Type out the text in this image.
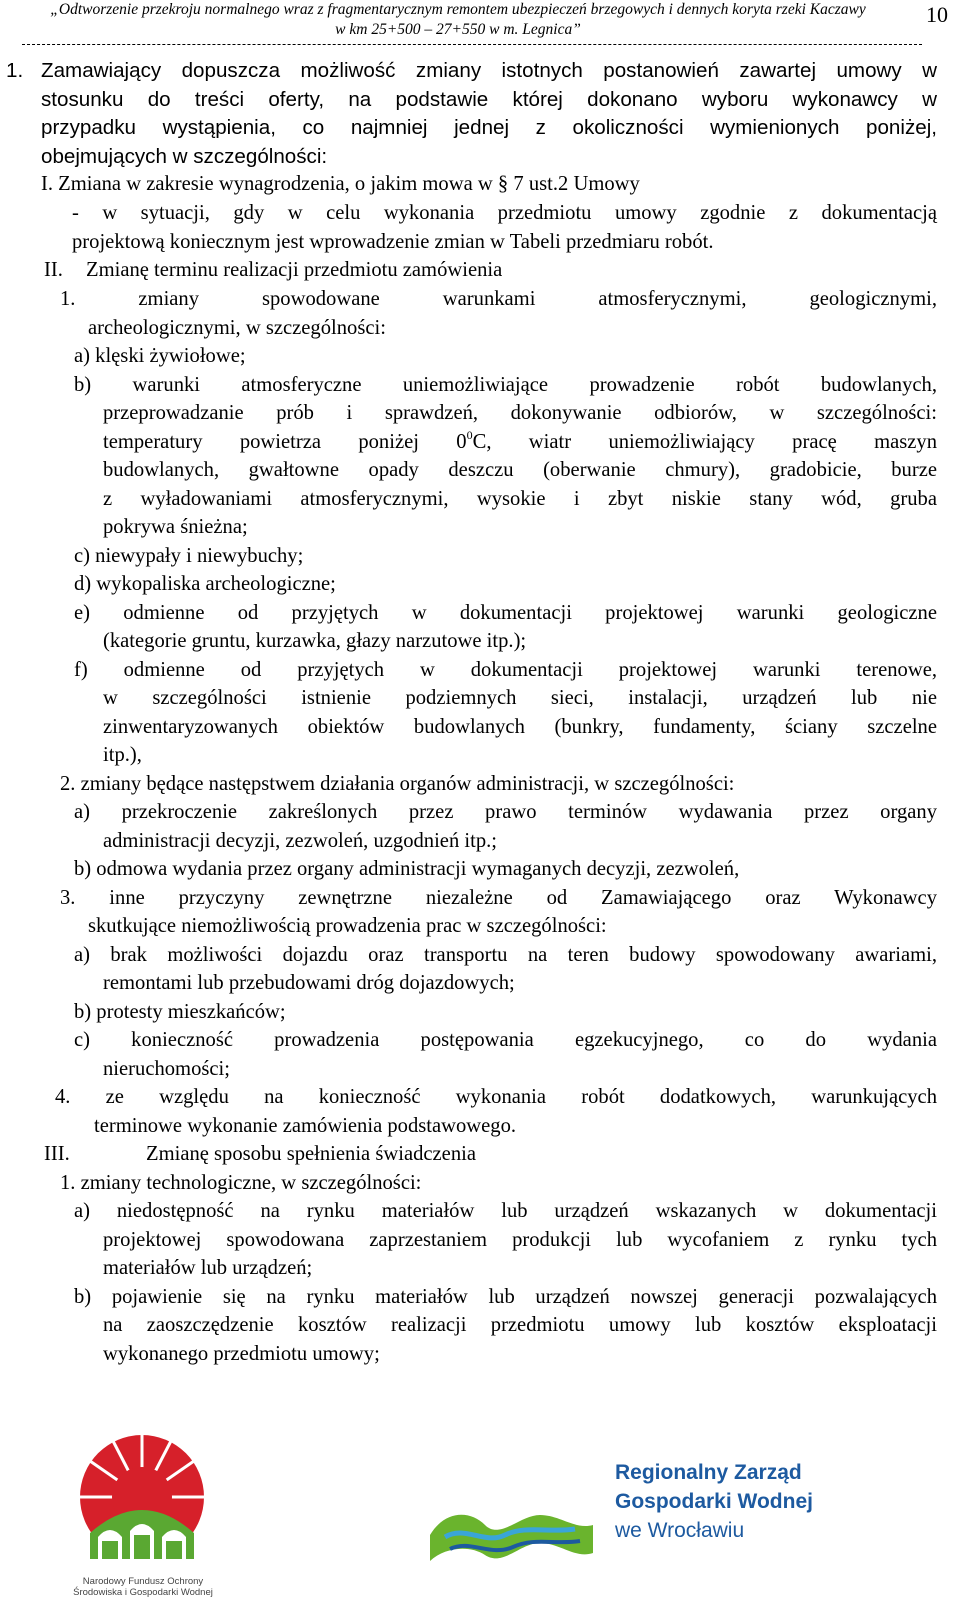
„Odtworzenie przekroju normalnego wraz z fragmentarycznym remontem ubezpieczeń brzegowych i dennych koryta rzeki Kaczawy
w km 25+500 – 27+550 w m. Legnica”
10
1. Zamawiający dopuszcza możliwość zmiany istotnych postanowień zawartej umowy w
stosunku do treści oferty, na podstawie której dokonano wyboru wykonawcy w
przypadku wystąpienia, co najmniej jednej z okoliczności wymienionych poniżej,
obejmujących w szczególności:
I. Zmiana w zakresie wynagrodzenia, o jakim mowa w § 7 ust.2 Umowy
- w sytuacji, gdy w celu wykonania przedmiotu umowy zgodnie z dokumentacją
projektową koniecznym jest wprowadzenie zmian w Tabeli przedmiaru robót.
II. Zmianę terminu realizacji przedmiotu zamówienia
1. zmiany spowodowane warunkami atmosferycznymi, geologicznymi,
archeologicznymi, w szczególności:
a) klęski żywiołowe;
b) warunki atmosferyczne uniemożliwiające prowadzenie robót budowlanych,
przeprowadzanie prób i sprawdzeń, dokonywanie odbiorów, w szczególności:
temperatury powietrza poniżej $0^0C$, wiatr uniemożliwiający pracę maszyn
budowlanych, gwałtowne opady deszczu (oberwanie chmury), gradobicie, burze
z wyładowaniami atmosferycznymi, wysokie i zbyt niskie stany wód, gruba
pokrywa śnieżna;
c) niewypały i niewybuchy;
d) wykopaliska archeologiczne;
e) odmienne od przyjętych w dokumentacji projektowej warunki geologiczne
(kategorie gruntu, kurzawka, głazy narzutowe itp.);
f) odmienne od przyjętych w dokumentacji projektowej warunki terenowe,
w szczególności istnienie podziemnych sieci, instalacji, urządzeń lub nie
zinwentaryzowanych obiektów budowlanych (bunkry, fundamenty, ściany szczelne
itp.),
2. zmiany będące następstwem działania organów administracji, w szczególności:
a) przekroczenie zakreślonych przez prawo terminów wydawania przez organy
administracji decyzji, zezwoleń, uzgodnień itp.;
b) odmowa wydania przez organy administracji wymaganych decyzji, zezwoleń,
3. inne przyczyny zewnętrzne niezależne od Zamawiającego oraz Wykonawcy
skutkujące niemożliwością prowadzenia prac w szczególności:
a) brak możliwości dojazdu oraz transportu na teren budowy spowodowany awariami,
remontami lub przebudowami dróg dojazdowych;
b) protesty mieszkańców;
c) konieczność prowadzenia postępowania egzekucyjnego, co do wydania
nieruchomości;
4. ze względu na konieczność wykonania robót dodatkowych, warunkujących
terminowe wykonanie zamówienia podstawowego.
III.	Zmianę sposobu spełnienia świadczenia
1. zmiany technologiczne, w szczególności:
a) niedostępność na rynku materiałów lub urządzeń wskazanych w dokumentacji
projektowej spowodowana zaprzestaniem produkcji lub wycofaniem z rynku tych
materiałów lub urządzeń;
b) pojawienie się na rynku materiałów lub urządzeń nowszej generacji pozwalających
na zaoszczędzenie kosztów realizacji przedmiotu umowy lub kosztów eksploatacji
wykonanego przedmiotu umowy;
Narodowy Fundusz Ochrony
Środowiska i Gospodarki Wodnej
Regionalny Zarząd
Gospodarki Wodnej
we Wrocławiu
